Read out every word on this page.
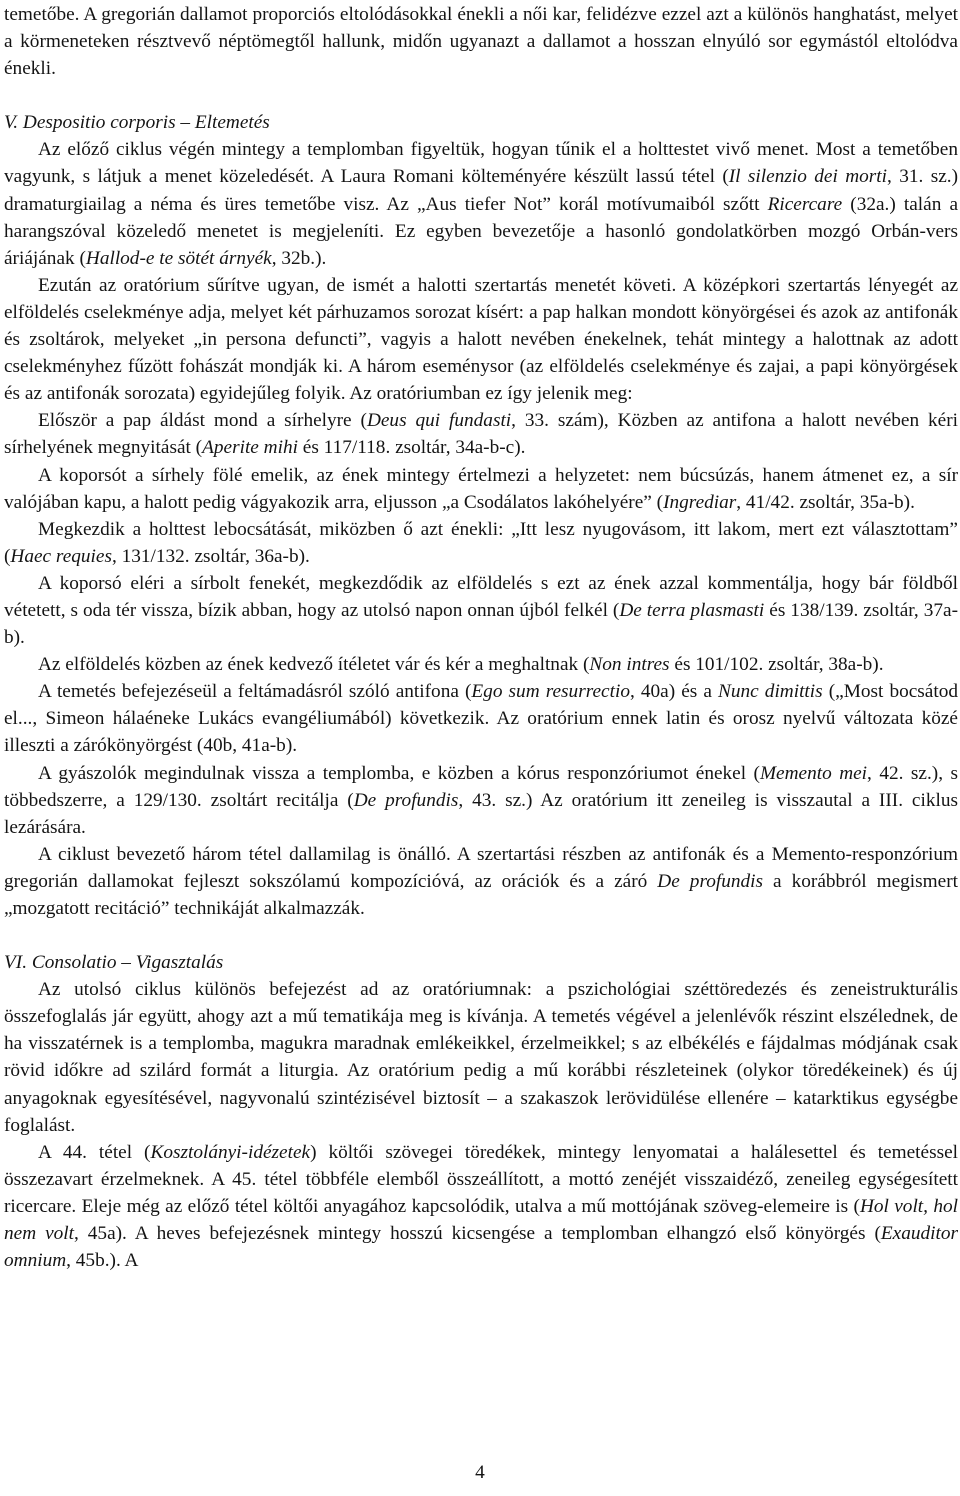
temetőbe. A gregorián dallamot proporciós eltolódásokkal énekli a női kar, felidézve ezzel azt a különös hanghatást, melyet a körmeneteken résztvevő néptömegtől hallunk, midőn ugyanazt a dallamot a hosszan elnyúló sor egymástól eltolódva énekli.

V. Despositio corporis – Eltemetés

Az előző ciklus végén mintegy a templomban figyeltük, hogyan tűnik el a holttestet vivő menet. Most a temetőben vagyunk, s látjuk a menet közeledését. A Laura Romani költeményére készült lassú tétel (Il silenzio dei morti, 31. sz.) dramaturgiailag a néma és üres temetőbe visz. Az „Aus tiefer Not” korál motívumaiból szőtt Ricercare (32a.) talán a harangszóval közeledő menetet is megjeleníti. Ez egyben bevezetője a hasonló gondolatkörben mozgó Orbán-vers áriájának (Hallod-e te sötét árnyék, 32b.).

Ezután az oratórium sűrítve ugyan, de ismét a halotti szertartás menetét követi. A középkori szertartás lényegét az elföldelés cselekménye adja, melyet két párhuzamos sorozat kísért: a pap halkan mondott könyörgései és azok az antifonák és zsoltárok, melyeket „in persona defuncti”, vagyis a halott nevében énekelnek, tehát mintegy a halottnak az adott cselekményhez fűzött fohászát mondják ki. A három eseménysor (az elföldelés cselekménye és zajai, a papi könyörgések és az antifonák sorozata) egyidejűleg folyik. Az oratóriumban ez így jelenik meg:

Először a pap áldást mond a sírhelyre (Deus qui fundasti, 33. szám), Közben az antifona a halott nevében kéri sírhelyének megnyitását (Aperite mihi és 117/118. zsoltár, 34a-b-c).

A koporsót a sírhely fölé emelik, az ének mintegy értelmezi a helyzetet: nem búcsúzás, hanem átmenet ez, a sír valójában kapu, a halott pedig vágyakozik arra, eljusson „a Csodálatos lakóhelyére” (Ingrediar, 41/42. zsoltár, 35a-b).

Megkezdik a holttest lebocsátását, miközben ő azt énekli: „Itt lesz nyugovásom, itt lakom, mert ezt választottam” (Haec requies, 131/132. zsoltár, 36a-b).

A koporsó eléri a sírbolt fenekét, megkezdődik az elföldelés s ezt az ének azzal kommentálja, hogy bár földből vétetett, s oda tér vissza, bízik abban, hogy az utolsó napon onnan újból felkél (De terra plasmasti és 138/139. zsoltár, 37a-b).

Az elföldelés közben az ének kedvező ítéletet vár és kér a meghaltnak (Non intres és 101/102. zsoltár, 38a-b).

A temetés befejezéseül a feltámadásról szóló antifona (Ego sum resurrectio, 40a) és a Nunc dimittis („Most bocsátod el..., Simeon hálaéneke Lukács evangéliumából) következik. Az oratórium ennek latin és orosz nyelvű változata közé illeszti a zárókönyörgést (40b, 41a-b).

A gyászolók megindulnak vissza a templomba, e közben a kórus responzóriumot énekel (Memento mei, 42. sz.), s többedszerre, a 129/130. zsoltárt recitálja (De profundis, 43. sz.) Az oratórium itt zeneileg is visszautal a III. ciklus lezárására.

A ciklust bevezető három tétel dallamilag is önálló. A szertartási részben az antifonák és a Memento-responzórium gregorián dallamokat fejleszt sokszólamú kompozícióvá, az orációk és a záró De profundis a korábbról megismert „mozgatott recitáció” technikáját alkalmazzák.

VI. Consolatio – Vigasztalás

Az utolsó ciklus különös befejezést ad az oratóriumnak: a pszichológiai széttöredezés és zeneistrukturális összefoglalás jár együtt, ahogy azt a mű tematikája meg is kívánja. A temetés végével a jelenlévők részint elszélednek, de ha visszatérnek is a templomba, magukra maradnak emlékeikkel, érzelmeikkel; s az elbékélés e fájdalmas módjának csak rövid időkre ad szilárd formát a liturgia. Az oratórium pedig a mű korábbi részleteinek (olykor töredékeinek) és új anyagoknak egyesítésével, nagyvonalú szintézisével biztosít – a szakaszok lerövidülése ellenére – katarktikus egységbe foglalást.

A 44. tétel (Kosztolányi-idézetek) költői szövegei töredékek, mintegy lenyomatai a halálesettel és temetéssel összezavart érzelmeknek. A 45. tétel többféle elemből összeállított, a mottó zenéjét visszaidéző, zeneileg egységesített ricercare. Eleje még az előző tétel költői anyagához kapcsolódik, utalva a mű mottójának szöveg-elemeire is (Hol volt, hol nem volt, 45a). A heves befejezésnek mintegy hosszú kicsengése a templomban elhangzó első könyörgés (Exauditor omnium, 45b.). A

4
